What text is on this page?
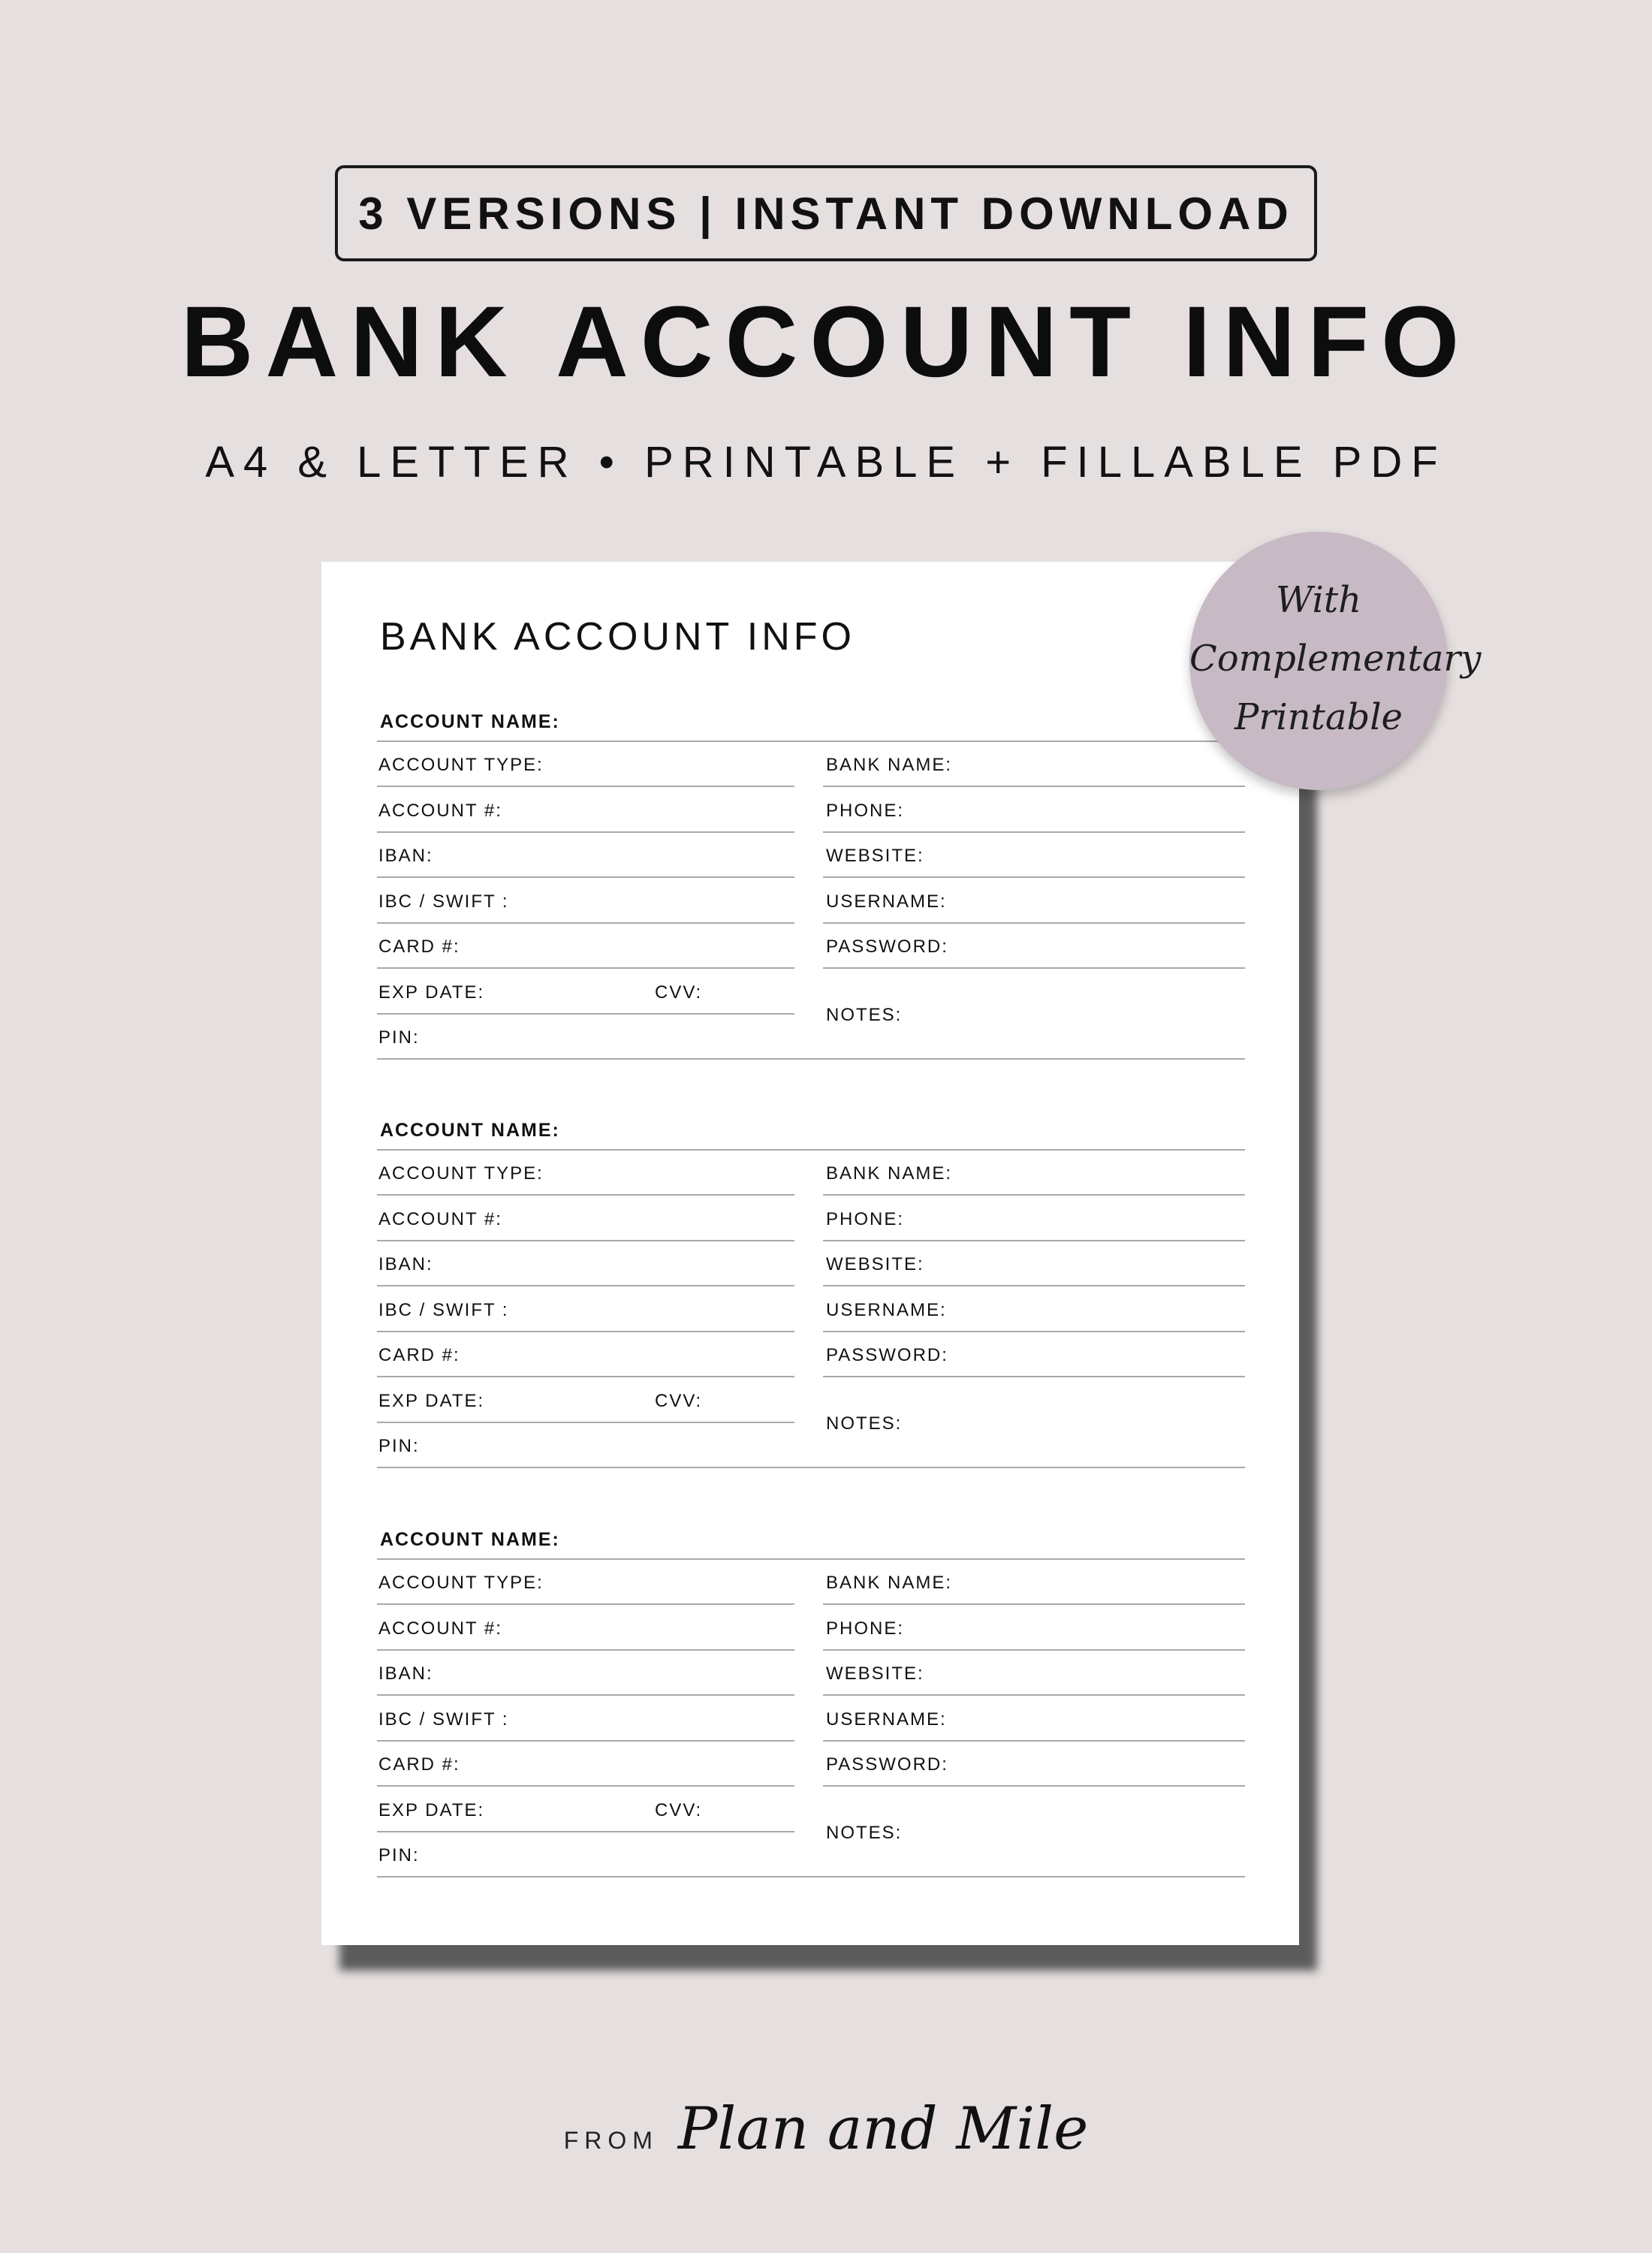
3 VERSIONS | INSTANT DOWNLOAD
BANK ACCOUNT INFO
A4 & LETTER • PRINTABLE + FILLABLE PDF
BANK ACCOUNT INFO
ACCOUNT NAME:
ACCOUNT TYPE:
ACCOUNT #:
IBAN:
IBC / SWIFT :
CARD #:
EXP DATE:
PIN:
CVV:
BANK NAME:
PHONE:
WEBSITE:
USERNAME:
PASSWORD:
NOTES:
ACCOUNT NAME:
ACCOUNT TYPE:
ACCOUNT #:
IBAN:
IBC / SWIFT :
CARD #:
EXP DATE:
PIN:
CVV:
BANK NAME:
PHONE:
WEBSITE:
USERNAME:
PASSWORD:
NOTES:
ACCOUNT NAME:
ACCOUNT TYPE:
ACCOUNT #:
IBAN:
IBC / SWIFT :
CARD #:
EXP DATE:
PIN:
CVV:
BANK NAME:
PHONE:
WEBSITE:
USERNAME:
PASSWORD:
NOTES:
With
Complementary
Printable
FROM Plan and Mile
